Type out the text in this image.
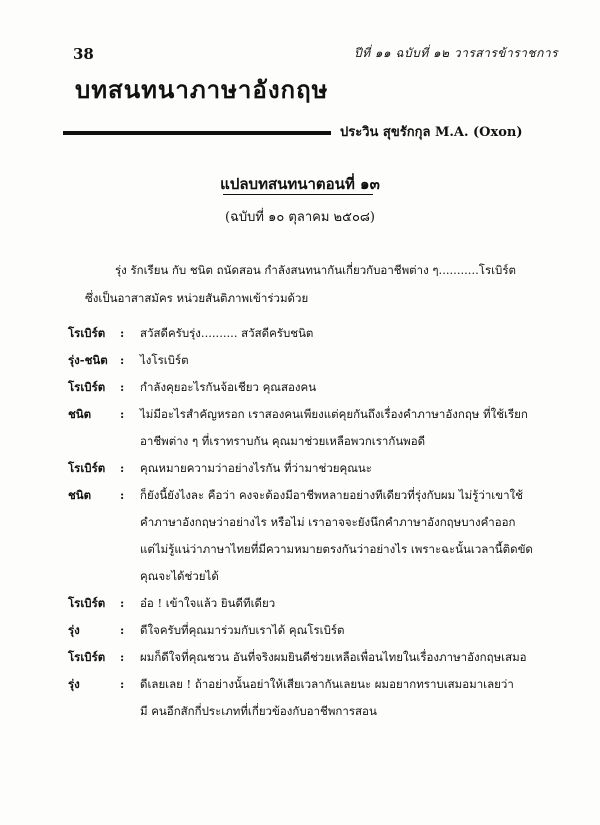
38	ปีที่ ๑๑ ฉบับที่ ๑๒ วารสารข้าราชการ
บทสนทนาภาษาอังกฤษ
ประวิน สุขรักกุล M.A. (Oxon)
แปลบทสนทนาตอนที่ ๑๓
(ฉบับที่ ๑๐ ตุลาคม ๒๕๐๘)
รุ่ง รักเรียน กับ ชนิต ถนัดสอน กำลังสนทนากันเกี่ยวกับอาชีพต่าง ๆ...........โรเบิร์ต
ซึ่งเป็นอาสาสมัคร หน่วยสันติภาพเข้าร่วมด้วย
โรเบิร์ต	:	สวัสดีครับรุ่ง.......... สวัสดีครับชนิต
รุ่ง-ชนิต	:	ไงโรเบิร์ต
โรเบิร์ต	:	กำลังคุยอะไรกันจ้อเชียว คุณสองคน
ชนิต	:	ไม่มีอะไรสำคัญหรอก เราสองคนเพียงแต่คุยกันถึงเรื่องคำภาษาอังกฤษ ที่ใช้เรียก
อาชีพต่าง ๆ ที่เราทราบกัน คุณมาช่วยเหลือพวกเรากันพอดี
โรเบิร์ต	:	คุณหมายความว่าอย่างไรกัน ที่ว่ามาช่วยคุณนะ
ชนิต	:	ก็ยังนี้ยังไงละ คือว่า คงจะต้องมีอาชีพหลายอย่างทีเดียวที่รุ่งกับผม ไม่รู้ว่าเขาใช้
คำภาษาอังกฤษว่าอย่างไร หรือไม่ เราอาจจะยังนึกคำภาษาอังกฤษบางคำออก
แต่ไม่รู้แน่ว่าภาษาไทยที่มีความหมายตรงกันว่าอย่างไร เพราะฉะนั้นเวลานี้ติดขัด
คุณจะได้ช่วยได้
โรเบิร์ต	:	อ๋อ ! เข้าใจแล้ว ยินดีทีเดียว
รุ่ง	:	ดีใจครับที่คุณมาร่วมกับเราได้ คุณโรเบิร์ต
โรเบิร์ต	:	ผมก็ดีใจที่คุณชวน อันที่จริงผมยินดีช่วยเหลือเพื่อนไทยในเรื่องภาษาอังกฤษเสมอ
รุ่ง	:	ดีเลยเลย ! ถ้าอย่างนั้นอย่าให้เสียเวลากันเลยนะ ผมอยากทราบเสมอมาเลยว่า
มี คนอีกสักกี่ประเภทที่เกี่ยวข้องกับอาชีพการสอน
